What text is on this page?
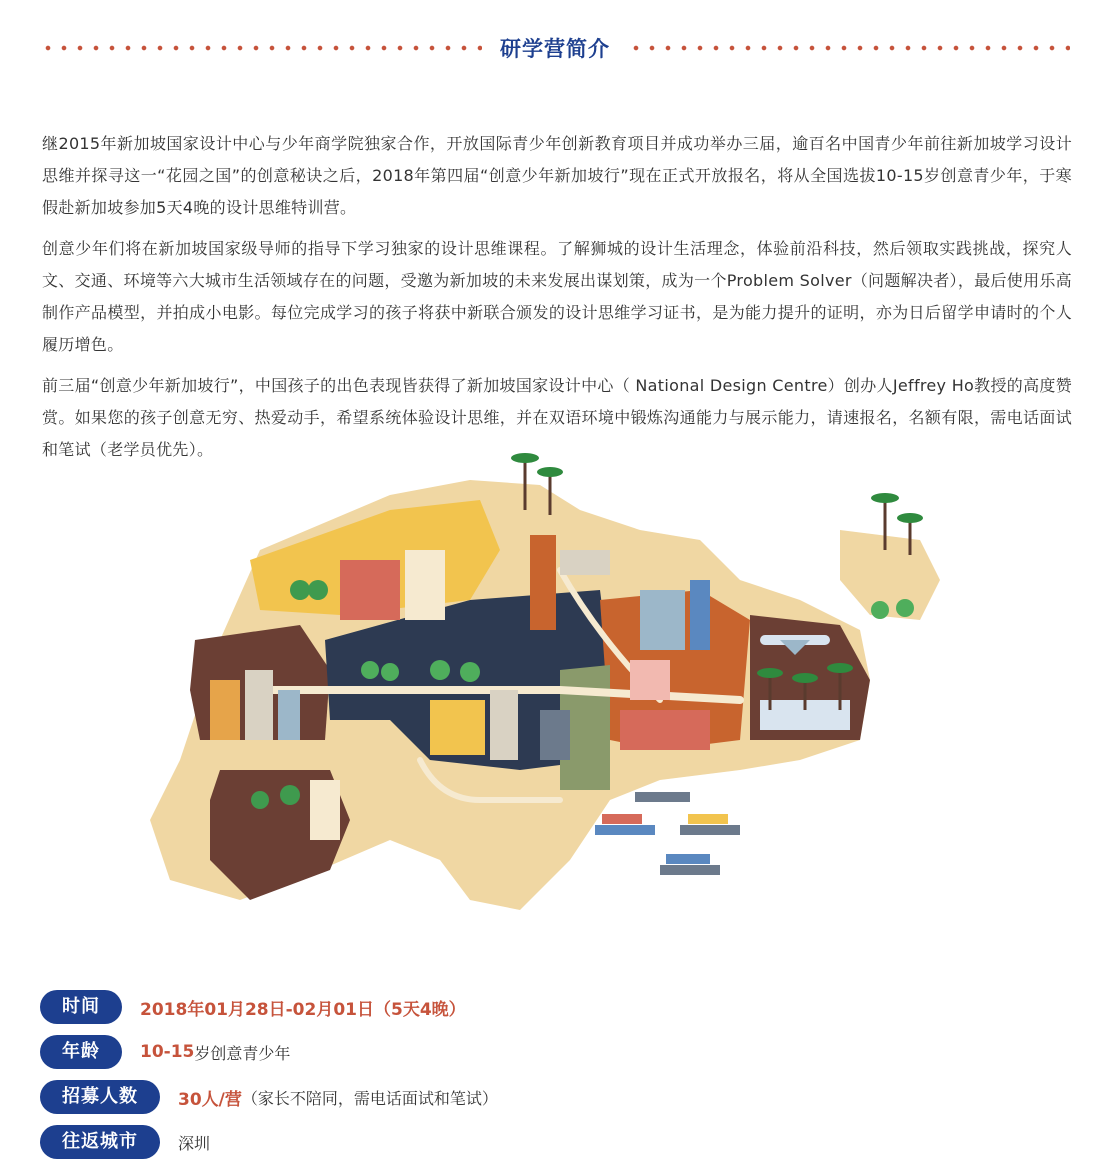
研学营简介

继2015年新加坡国家设计中心与少年商学院独家合作，开放国际青少年创新教育项目并成功举办三届，逾百名中国青少年前往新加坡学习设计思维并探寻这一“花园之国”的创意秘诀之后，2018年第四届“创意少年新加坡行”现在正式开放报名，将从全国选拔10-15岁创意青少年，于寒假赴新加坡参加5天4晚的设计思维特训营。

创意少年们将在新加坡国家级导师的指导下学习独家的设计思维课程。了解狮城的设计生活理念，体验前沿科技，然后领取实践挑战，探究人文、交通、环境等六大城市生活领域存在的问题，受邀为新加坡的未来发展出谋划策，成为一个Problem Solver（问题解决者），最后使用乐高制作产品模型，并拍成小电影。每位完成学习的孩子将获中新联合颁发的设计思维学习证书，是为能力提升的证明，亦为日后留学申请时的个人履历增色。

前三届“创意少年新加坡行”，中国孩子的出色表现皆获得了新加坡国家设计中心（ National Design Centre）创办人Jeffrey Ho教授的高度赞赏。如果您的孩子创意无穷、热爱动手，希望系统体验设计思维，并在双语环境中锻炼沟通能力与展示能力，请速报名，名额有限，需电话面试和笔试（老学员优先）。

时间	2018年01月28日-02月01日（5天4晚）
年龄	10-15 岁创意青少年
招募人数	30人/营 （家长不陪同，需电话面试和笔试）
往返城市	深圳
